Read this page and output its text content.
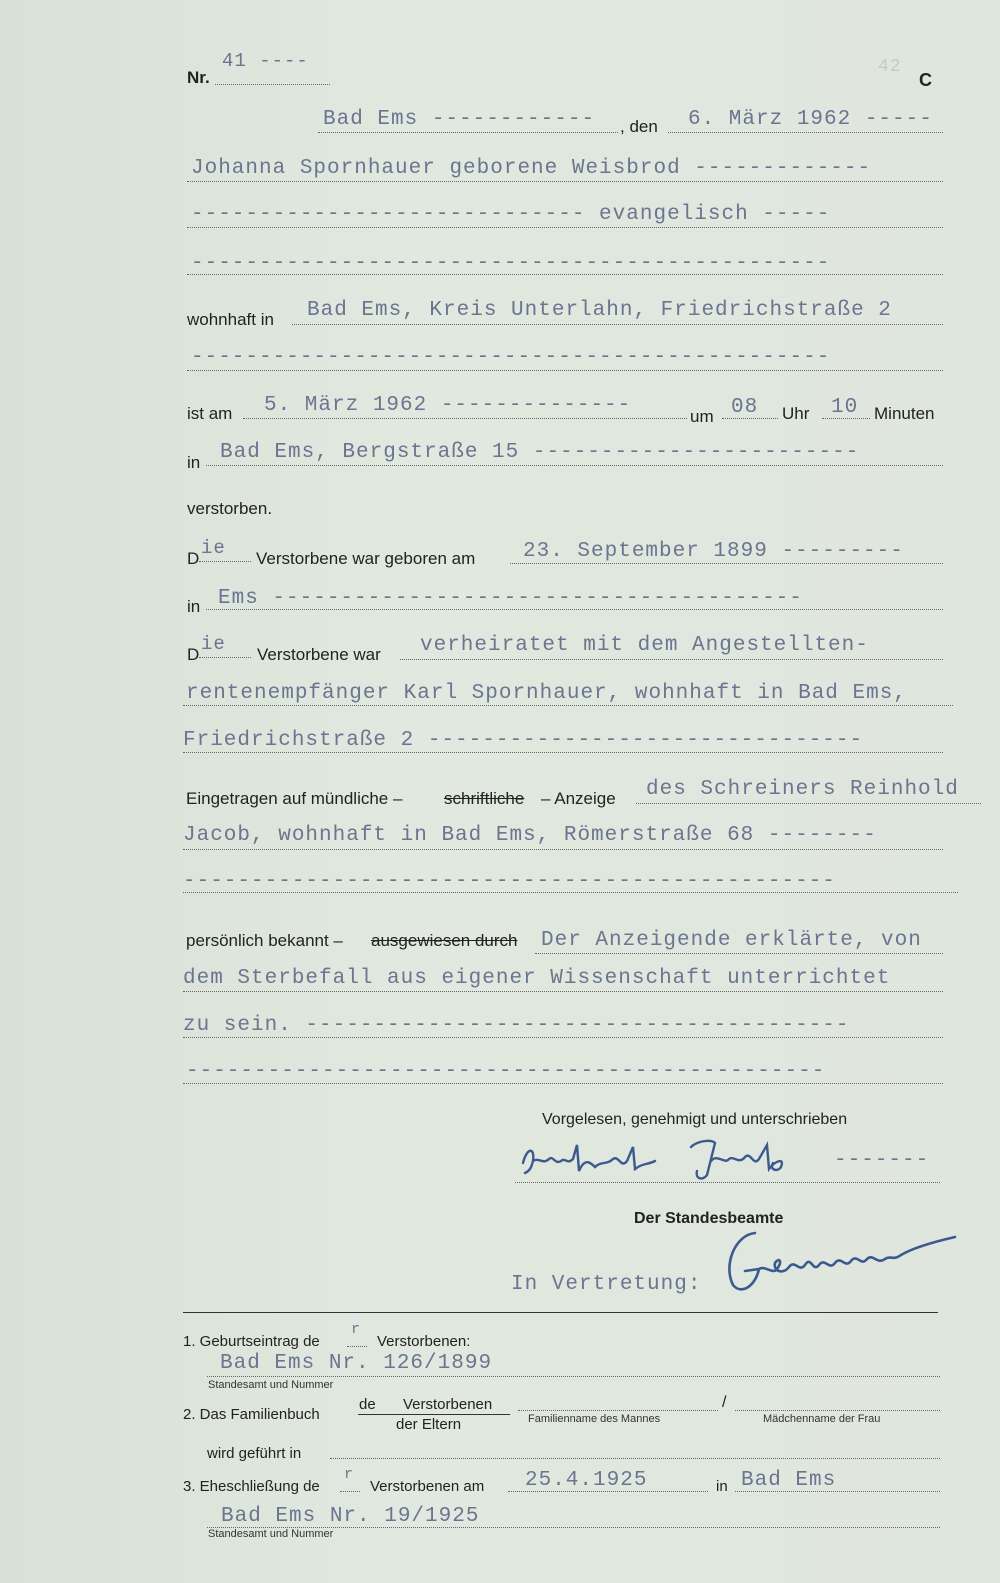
Nr.
41 ----	42
C
Bad Ems ------------ , den 6. März 1962 -----
Johanna Spornhauer geborene Weisbrod -------------
----------------------------- evangelisch -----
-----------------------------------------------
wohnhaft in Bad Ems, Kreis Unterlahn, Friedrichstraße 2
-----------------------------------------------
ist am 5. März 1962 --------------	um 08 Uhr 10 Minuten
in Bad Ems, Bergstraße 15 ------------------------
verstorben.
D ie Verstorbene war geboren am 23. September 1899 ---------
in Ems ---------------------------------------
D ie Verstorbene war verheiratet mit dem Angestellten-
rentenempfänger Karl Spornhauer, wohnhaft in Bad Ems,
Friedrichstraße 2 --------------------------------
Eingetragen auf mündliche – schriftliche – Anzeige des Schreiners Reinhold
Jacob, wohnhaft in Bad Ems, Römerstraße 68 --------
------------------------------------------------
persönlich bekannt – ausgewiesen durch Der Anzeigende erklärte, von
dem Sterbefall aus eigener Wissenschaft unterrichtet
zu sein. ----------------------------------------
-----------------------------------------------
Vorgelesen, genehmigt und unterschrieben
-------
Der Standesbeamte
In Vertretung:
1. Geburtseintrag de
r
Verstorbenen:
Bad Ems Nr. 126/1899
Standesamt und Nummer
2. Das Familienbuch
de Verstorbenen
der Eltern
/
Familienname des Mannes	Mädchenname der Frau
wird geführt in
3. Eheschließung de
r
Verstorbenen am 25.4.1925	in Bad Ems
Bad Ems Nr. 19/1925
Standesamt und Nummer
